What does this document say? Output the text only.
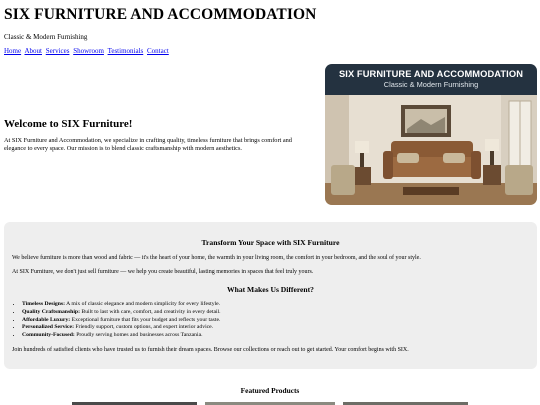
SIX FURNITURE AND ACCOMMODATION

Classic & Modern Furnishing

Home About Services Showroom Testimonials Contact
Welcome to SIX Furniture!

At SIX Furniture and Accommodation, we specialize in crafting quality, timeless furniture that brings comfort and elegance to every space. Our mission is to blend classic craftsmanship with modern aesthetics.

SIX FURNITURE AND ACCOMMODATION
Classic & Modern Furnishing
Transform Your Space with SIX Furniture

We believe furniture is more than wood and fabric — it's the heart of your home, the warmth in your living room, the comfort in your bedroom, and the soul of your style.

At SIX Furniture, we don't just sell furniture — we help you create beautiful, lasting memories in spaces that feel truly yours.

What Makes Us Different?
• Timeless Designs: A mix of classic elegance and modern simplicity for every lifestyle.
• Quality Craftsmanship: Built to last with care, comfort, and creativity in every detail.
• Affordable Luxury: Exceptional furniture that fits your budget and reflects your taste.
• Personalized Service: Friendly support, custom options, and expert interior advice.
• Community-Focused: Proudly serving homes and businesses across Tanzania.

Join hundreds of satisfied clients who have trusted us to furnish their dream spaces. Browse our collections or reach out to get started. Your comfort begins with SIX.

Featured Products
